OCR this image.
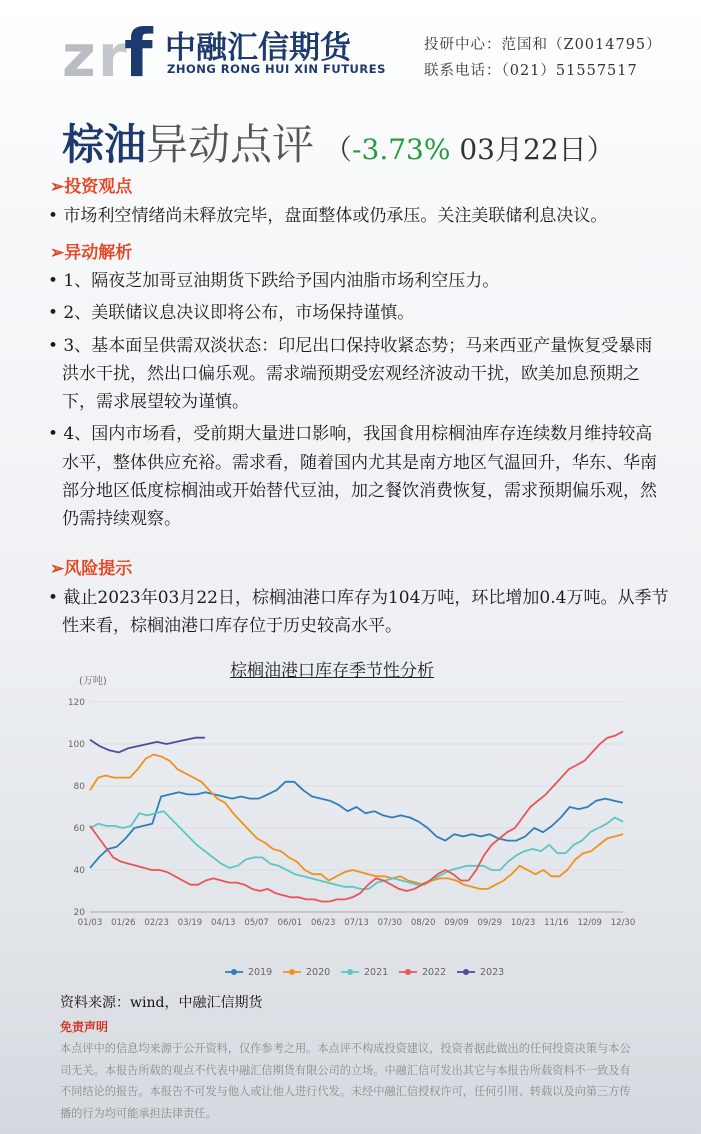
z r
f 中融汇信期货
ZHONG RONG HUI XIN FUTURES
投研中心：范国和（Z0014795）
联系电话：（021）51557517
棕油异动点评 （-3.73% 03月22日）
➢投资观点
• 市场利空情绪尚未释放完毕，盘面整体或仍承压。关注美联储利息决议。
➢异动解析
• 1、隔夜芝加哥豆油期货下跌给予国内油脂市场利空压力。
• 2、美联储议息决议即将公布，市场保持谨慎。
• 3、基本面呈供需双淡状态：印尼出口保持收紧态势；马来西亚产量恢复受暴雨洪水干扰，然出口偏乐观。需求端预期受宏观经济波动干扰，欧美加息预期之下，需求展望较为谨慎。
• 4、国内市场看，受前期大量进口影响，我国食用棕榈油库存连续数月维持较高水平，整体供应充裕。需求看，随着国内尤其是南方地区气温回升，华东、华南部分地区低度棕榈油或开始替代豆油，加之餐饮消费恢复，需求预期偏乐观，然仍需持续观察。
➢风险提示
• 截止2023年03月22日，棕榈油港口库存为104万吨，环比增加0.4万吨。从季节性来看，棕榈油港口库存位于历史较高水平。
棕榈油港口库存季节性分析
20
40
60
80
100
120
01/03 01/26 02/23 03/19 04/13 05/07 06/01 06/23 07/13 07/30 08/20 09/09 09/29 10/23 11/16 12/09 12/30
2019	2020	2021	2022	2023
(万吨)
资料来源：wind，中融汇信期货
免责声明
本点评中的信息均来源于公开资料，仅作参考之用。本点评不构成投资建议，投资者据此做出的任何投资决策与本公司无关。本报告所载的观点不代表中融汇信期货有限公司的立场。中融汇信可发出其它与本报告所载资料不一致及有不同结论的报告。本报告不可发与他人或让他人进行代发。未经中融汇信授权许可，任何引用、转载以及向第三方传播的行为均可能承担法律责任。
